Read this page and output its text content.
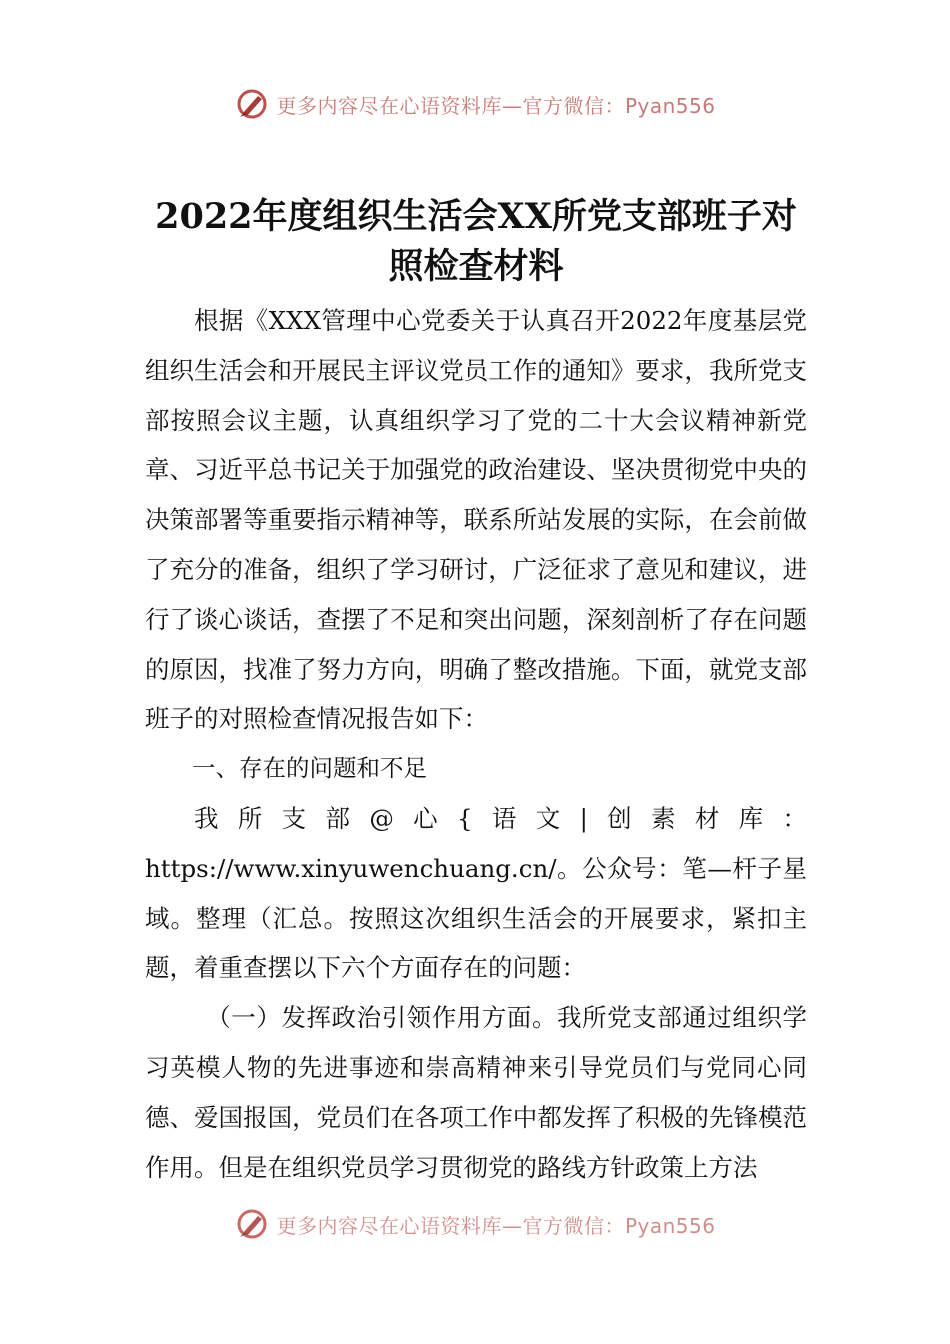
更多内容尽在心语资料库—官方微信：Pyan556
2022年度组织生活会XX所党支部班子对
照检查材料

根据《XXX管理中心党委关于认真召开2022年度基层党组织生活会和开展民主评议党员工作的通知》要求，我所党支部按照会议主题，认真组织学习了党的二十大会议精神新党章、习近平总书记关于加强党的政治建设、坚决贯彻党中央的决策部署等重要指示精神等，联系所站发展的实际，在会前做了充分的准备，组织了学习研讨，广泛征求了意见和建议，进行了谈心谈话，查摆了不足和突出问题，深刻剖析了存在问题的原因，找准了努力方向，明确了整改措施。下面，就党支部班子的对照检查情况报告如下：

一、存在的问题和不足

我所支部@心{语文|创素材库：https://www.xinyuwenchuang.cn/。公众号：笔—杆子星域。整理（汇总。按照这次组织生活会的开展要求，紧扣主题，着重查摆以下六个方面存在的问题：

（一）发挥政治引领作用方面。我所党支部通过组织学习英模人物的先进事迹和崇高精神来引导党员们与党同心同德、爱国报国，党员们在各项工作中都发挥了积极的先锋模范作用。但是在组织党员学习贯彻党的路线方针政策上方法

更多内容尽在心语资料库—官方微信：Pyan556
